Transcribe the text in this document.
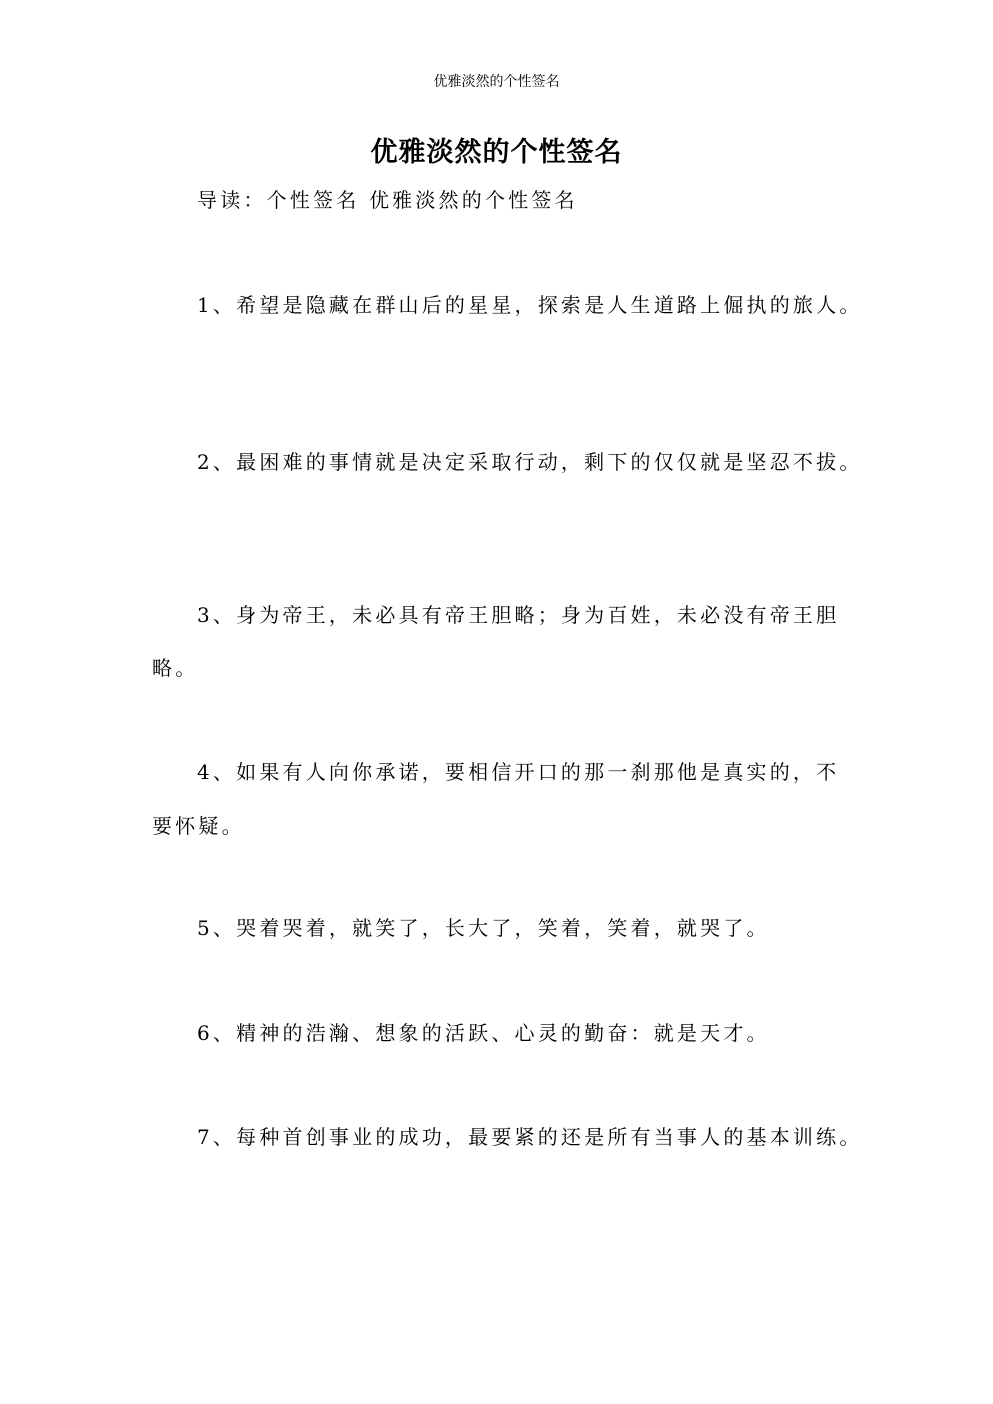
优雅淡然的个性签名
优雅淡然的个性签名
导读：个性签名 优雅淡然的个性签名
1、希望是隐藏在群山后的星星，探索是人生道路上倔执的旅人。
2、最困难的事情就是决定采取行动，剩下的仅仅就是坚忍不拔。
3、身为帝王，未必具有帝王胆略；身为百姓，未必没有帝王胆
略。
4、如果有人向你承诺，要相信开口的那一刹那他是真实的，不
要怀疑。
5、哭着哭着，就笑了，长大了，笑着，笑着，就哭了。
6、精神的浩瀚、想象的活跃、心灵的勤奋：就是天才。
7、每种首创事业的成功，最要紧的还是所有当事人的基本训练。
